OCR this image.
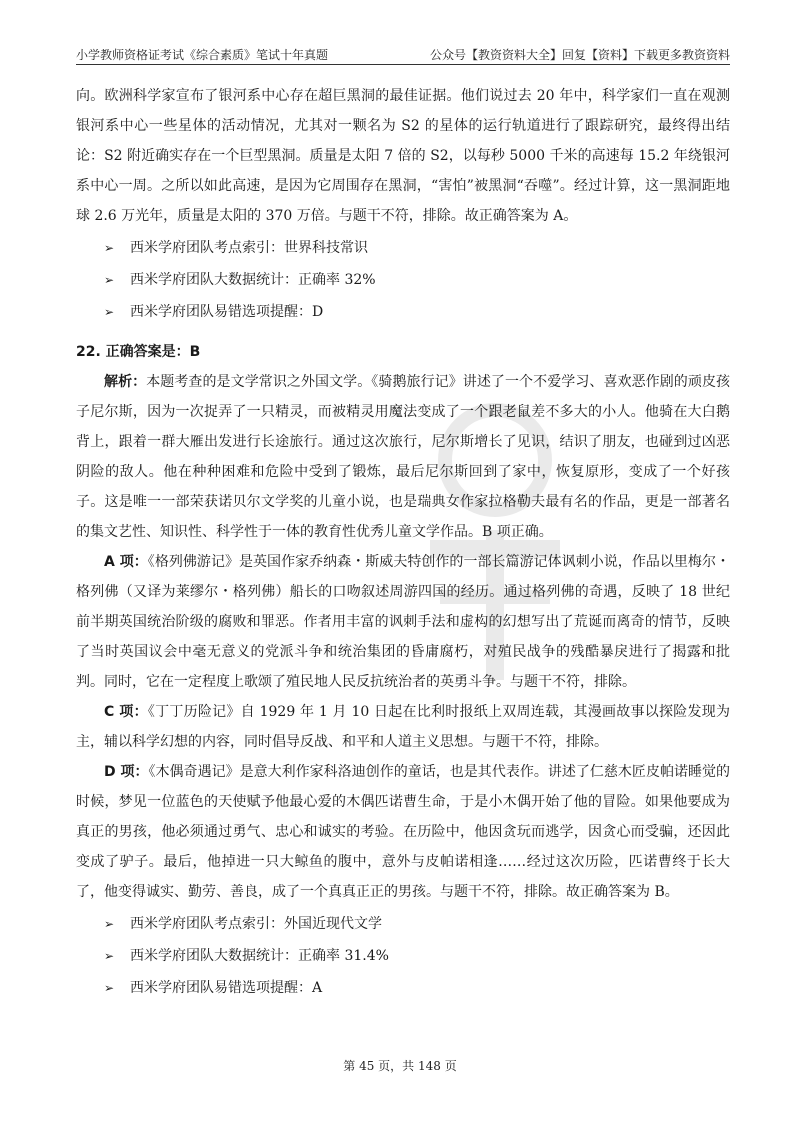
小学教师资格证考试《综合素质》笔试十年真题	公众号【教资资料大全】回复【资料】下载更多教资资料

向。欧洲科学家宣布了银河系中心存在超巨黑洞的最佳证据。他们说过去 20 年中，科学家们一直在观测银河系中心一些星体的活动情况，尤其对一颗名为 S2 的星体的运行轨道进行了跟踪研究，最终得出结论：S2 附近确实存在一个巨型黑洞。质量是太阳 7 倍的 S2，以每秒 5000 千米的高速每 15.2 年绕银河系中心一周。之所以如此高速，是因为它周围存在黑洞，“害怕”被黑洞“吞噬”。经过计算，这一黑洞距地球 2.6 万光年，质量是太阳的 370 万倍。与题干不符，排除。故正确答案为 A。

➢ 西米学府团队考点索引：世界科技常识
➢ 西米学府团队大数据统计：正确率 32%
➢ 西米学府团队易错选项提醒：D

22. 正确答案是：B

解析：本题考查的是文学常识之外国文学。《骑鹅旅行记》讲述了一个不爱学习、喜欢恶作剧的顽皮孩子尼尔斯，因为一次捉弄了一只精灵，而被精灵用魔法变成了一个跟老鼠差不多大的小人。他骑在大白鹅背上，跟着一群大雁出发进行长途旅行。通过这次旅行，尼尔斯增长了见识，结识了朋友，也碰到过凶恶阴险的敌人。他在种种困难和危险中受到了锻炼，最后尼尔斯回到了家中，恢复原形，变成了一个好孩子。这是唯一一部荣获诺贝尔文学奖的儿童小说，也是瑞典女作家拉格勒夫最有名的作品，更是一部著名的集文艺性、知识性、科学性于一体的教育性优秀儿童文学作品。B 项正确。

A 项：《格列佛游记》是英国作家乔纳森・斯威夫特创作的一部长篇游记体讽刺小说，作品以里梅尔・格列佛（又译为莱缪尔・格列佛）船长的口吻叙述周游四国的经历。通过格列佛的奇遇，反映了 18 世纪前半期英国统治阶级的腐败和罪恶。作者用丰富的讽刺手法和虚构的幻想写出了荒诞而离奇的情节，反映了当时英国议会中毫无意义的党派斗争和统治集团的昏庸腐朽，对殖民战争的残酷暴戾进行了揭露和批判。同时，它在一定程度上歌颂了殖民地人民反抗统治者的英勇斗争。与题干不符，排除。

C 项：《丁丁历险记》自 1929 年 1 月 10 日起在比利时报纸上双周连载，其漫画故事以探险发现为主，辅以科学幻想的内容，同时倡导反战、和平和人道主义思想。与题干不符，排除。

D 项：《木偶奇遇记》是意大利作家科洛迪创作的童话，也是其代表作。讲述了仁慈木匠皮帕诺睡觉的时候，梦见一位蓝色的天使赋予他最心爱的木偶匹诺曹生命，于是小木偶开始了他的冒险。如果他要成为真正的男孩，他必须通过勇气、忠心和诚实的考验。在历险中，他因贪玩而逃学，因贪心而受骗，还因此变成了驴子。最后，他掉进一只大鲸鱼的腹中，意外与皮帕诺相逢……经过这次历险，匹诺曹终于长大了，他变得诚实、勤劳、善良，成了一个真真正正的男孩。与题干不符，排除。故正确答案为 B。

➢ 西米学府团队考点索引：外国近现代文学
➢ 西米学府团队大数据统计：正确率 31.4%
➢ 西米学府团队易错选项提醒：A
第 45 页，共 148 页
